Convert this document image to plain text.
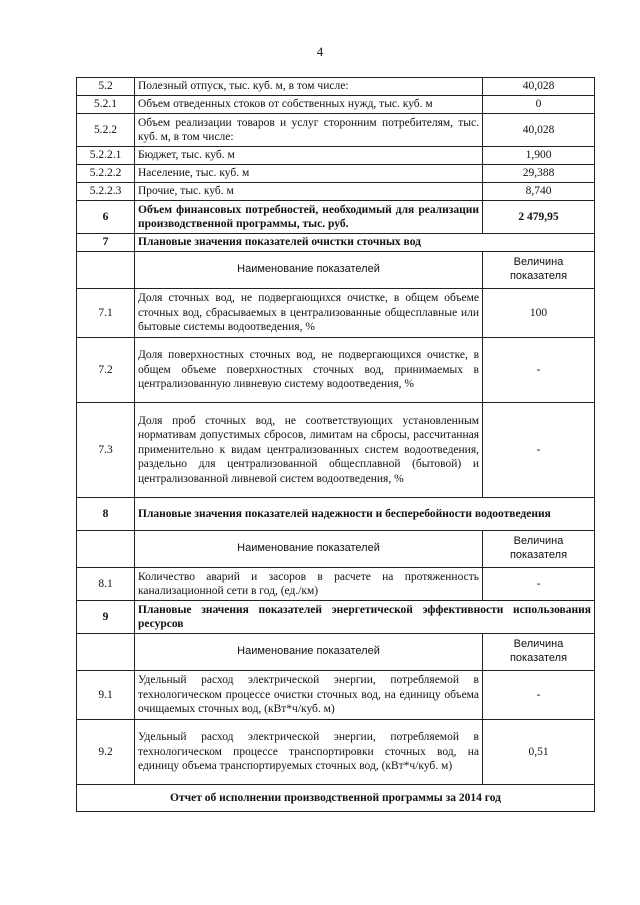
4
5.2	Полезный отпуск, тыс. куб. м, в том числе:	40,028
5.2.1	Объем отведенных стоков от собственных нужд, тыс. куб. м	0
5.2.2	Объем реализации товаров и услуг сторонним потребителям, тыс. куб. м, в том числе:	40,028
5.2.2.1	Бюджет, тыс. куб. м	1,900
5.2.2.2	Население, тыс. куб. м	29,388
5.2.2.3	Прочие, тыс. куб. м	8,740
6	Объем финансовых потребностей, необходимый для реализации производственной программы, тыс. руб.	2 479,95
7	Плановые значения показателей очистки сточных вод	
	Наименование показателей	Величина показателя
7.1	Доля сточных вод, не подвергающихся очистке, в общем объеме сточных вод, сбрасываемых в централизованные общесплавные или бытовые системы водоотведения, %	100
7.2	Доля поверхностных сточных вод, не подвергающихся очистке, в общем объеме поверхностных сточных вод, принимаемых в централизованную ливневую систему водоотведения, %	-
7.3	Доля проб сточных вод, не соответствующих установленным нормативам допустимых сбросов, лимитам на сбросы, рассчитанная применительно к видам централизованных систем водоотведения, раздельно для централизованной общесплавной (бытовой) и централизованной ливневой систем водоотведения, %	-
8	Плановые значения показателей надежности и бесперебойности водоотведения	
	Наименование показателей	Величина показателя
8.1	Количество аварий и засоров в расчете на протяженность канализационной сети в год, (ед./км)	-
9	Плановые значения показателей энергетической эффективности использования ресурсов	
	Наименование показателей	Величина показателя
9.1	Удельный расход электрической энергии, потребляемой в технологическом процессе очистки сточных вод, на единицу объема очищаемых сточных вод, (кВт*ч/куб. м)	-
9.2	Удельный расход электрической энергии, потребляемой в технологическом процессе транспортировки сточных вод, на единицу объема транспортируемых сточных вод, (кВт*ч/куб. м)	0,51
Отчет об исполнении производственной программы за 2014 год		
